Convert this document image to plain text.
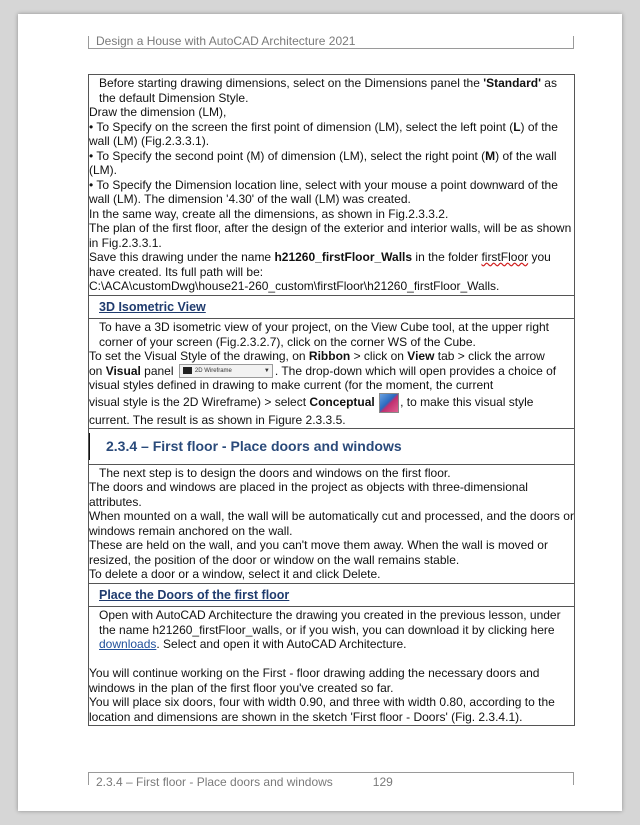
Design a House with AutoCAD Architecture 2021

Before starting drawing dimensions, select on the Dimensions panel the 'Standard' as the default Dimension Style.

Draw the dimension (LM),

• To Specify on the screen the first point of dimension (LM), select the left point (L) of the wall (LM) (Fig.2.3.3.1).

• To Specify the second point (M) of dimension (LM), select the right point (M) of the wall (LM).

• To Specify the Dimension location line, select with your mouse a point downward of the wall (LM). The dimension '4.30' of the wall (LM) was created.

In the same way, create all the dimensions, as shown in Fig.2.3.3.2.

The plan of the first floor, after the design of the exterior and interior walls, will be as shown in Fig.2.3.3.1.

Save this drawing under the name h21260_firstFloor_Walls in the folder firstFloor you have created. Its full path will be:

C:\ACA\customDwg\house21-260_custom\firstFloor\h21260_firstFloor_Walls.

3D Isometric View

To have a 3D isometric view of your project, on the View Cube tool, at the upper right corner of your screen (Fig.2.3.2.7), click on the corner WS of the Cube.

To set the Visual Style of the drawing, on Ribbon > click on View tab > click the arrow

on Visual panel	2D Wireframe	▼ . The drop-down which will open provides a choice of visual styles defined in drawing to make current (for the moment, the current

visual style is the 2D Wireframe) > select Conceptual , to make this visual style current. The result is as shown in Figure 2.3.3.5.

2.3.4 – First floor - Place doors and windows

The next step is to design the doors and windows on the first floor.

The doors and windows are placed in the project as objects with three-dimensional attributes.

When mounted on a wall, the wall will be automatically cut and processed, and the doors or windows remain anchored on the wall.

These are held on the wall, and you can't move them away. When the wall is moved or resized, the position of the door or window on the wall remains stable.

To delete a door or a window, select it and click Delete.

Place the Doors of the first floor

Open with AutoCAD Architecture the drawing you created in the previous lesson, under the name h21260_firstFloor_walls, or if you wish, you can download it by clicking here downloads. Select and open it with AutoCAD Architecture.

You will continue working on the First - floor drawing adding the necessary doors and windows in the plan of the first floor you've created so far.

You will place six doors, four with width 0.90, and three with width 0.80, according to the location and dimensions are shown in the sketch 'First floor - Doors' (Fig. 2.3.4.1).

2.3.4 – First floor - Place doors and windows	129
